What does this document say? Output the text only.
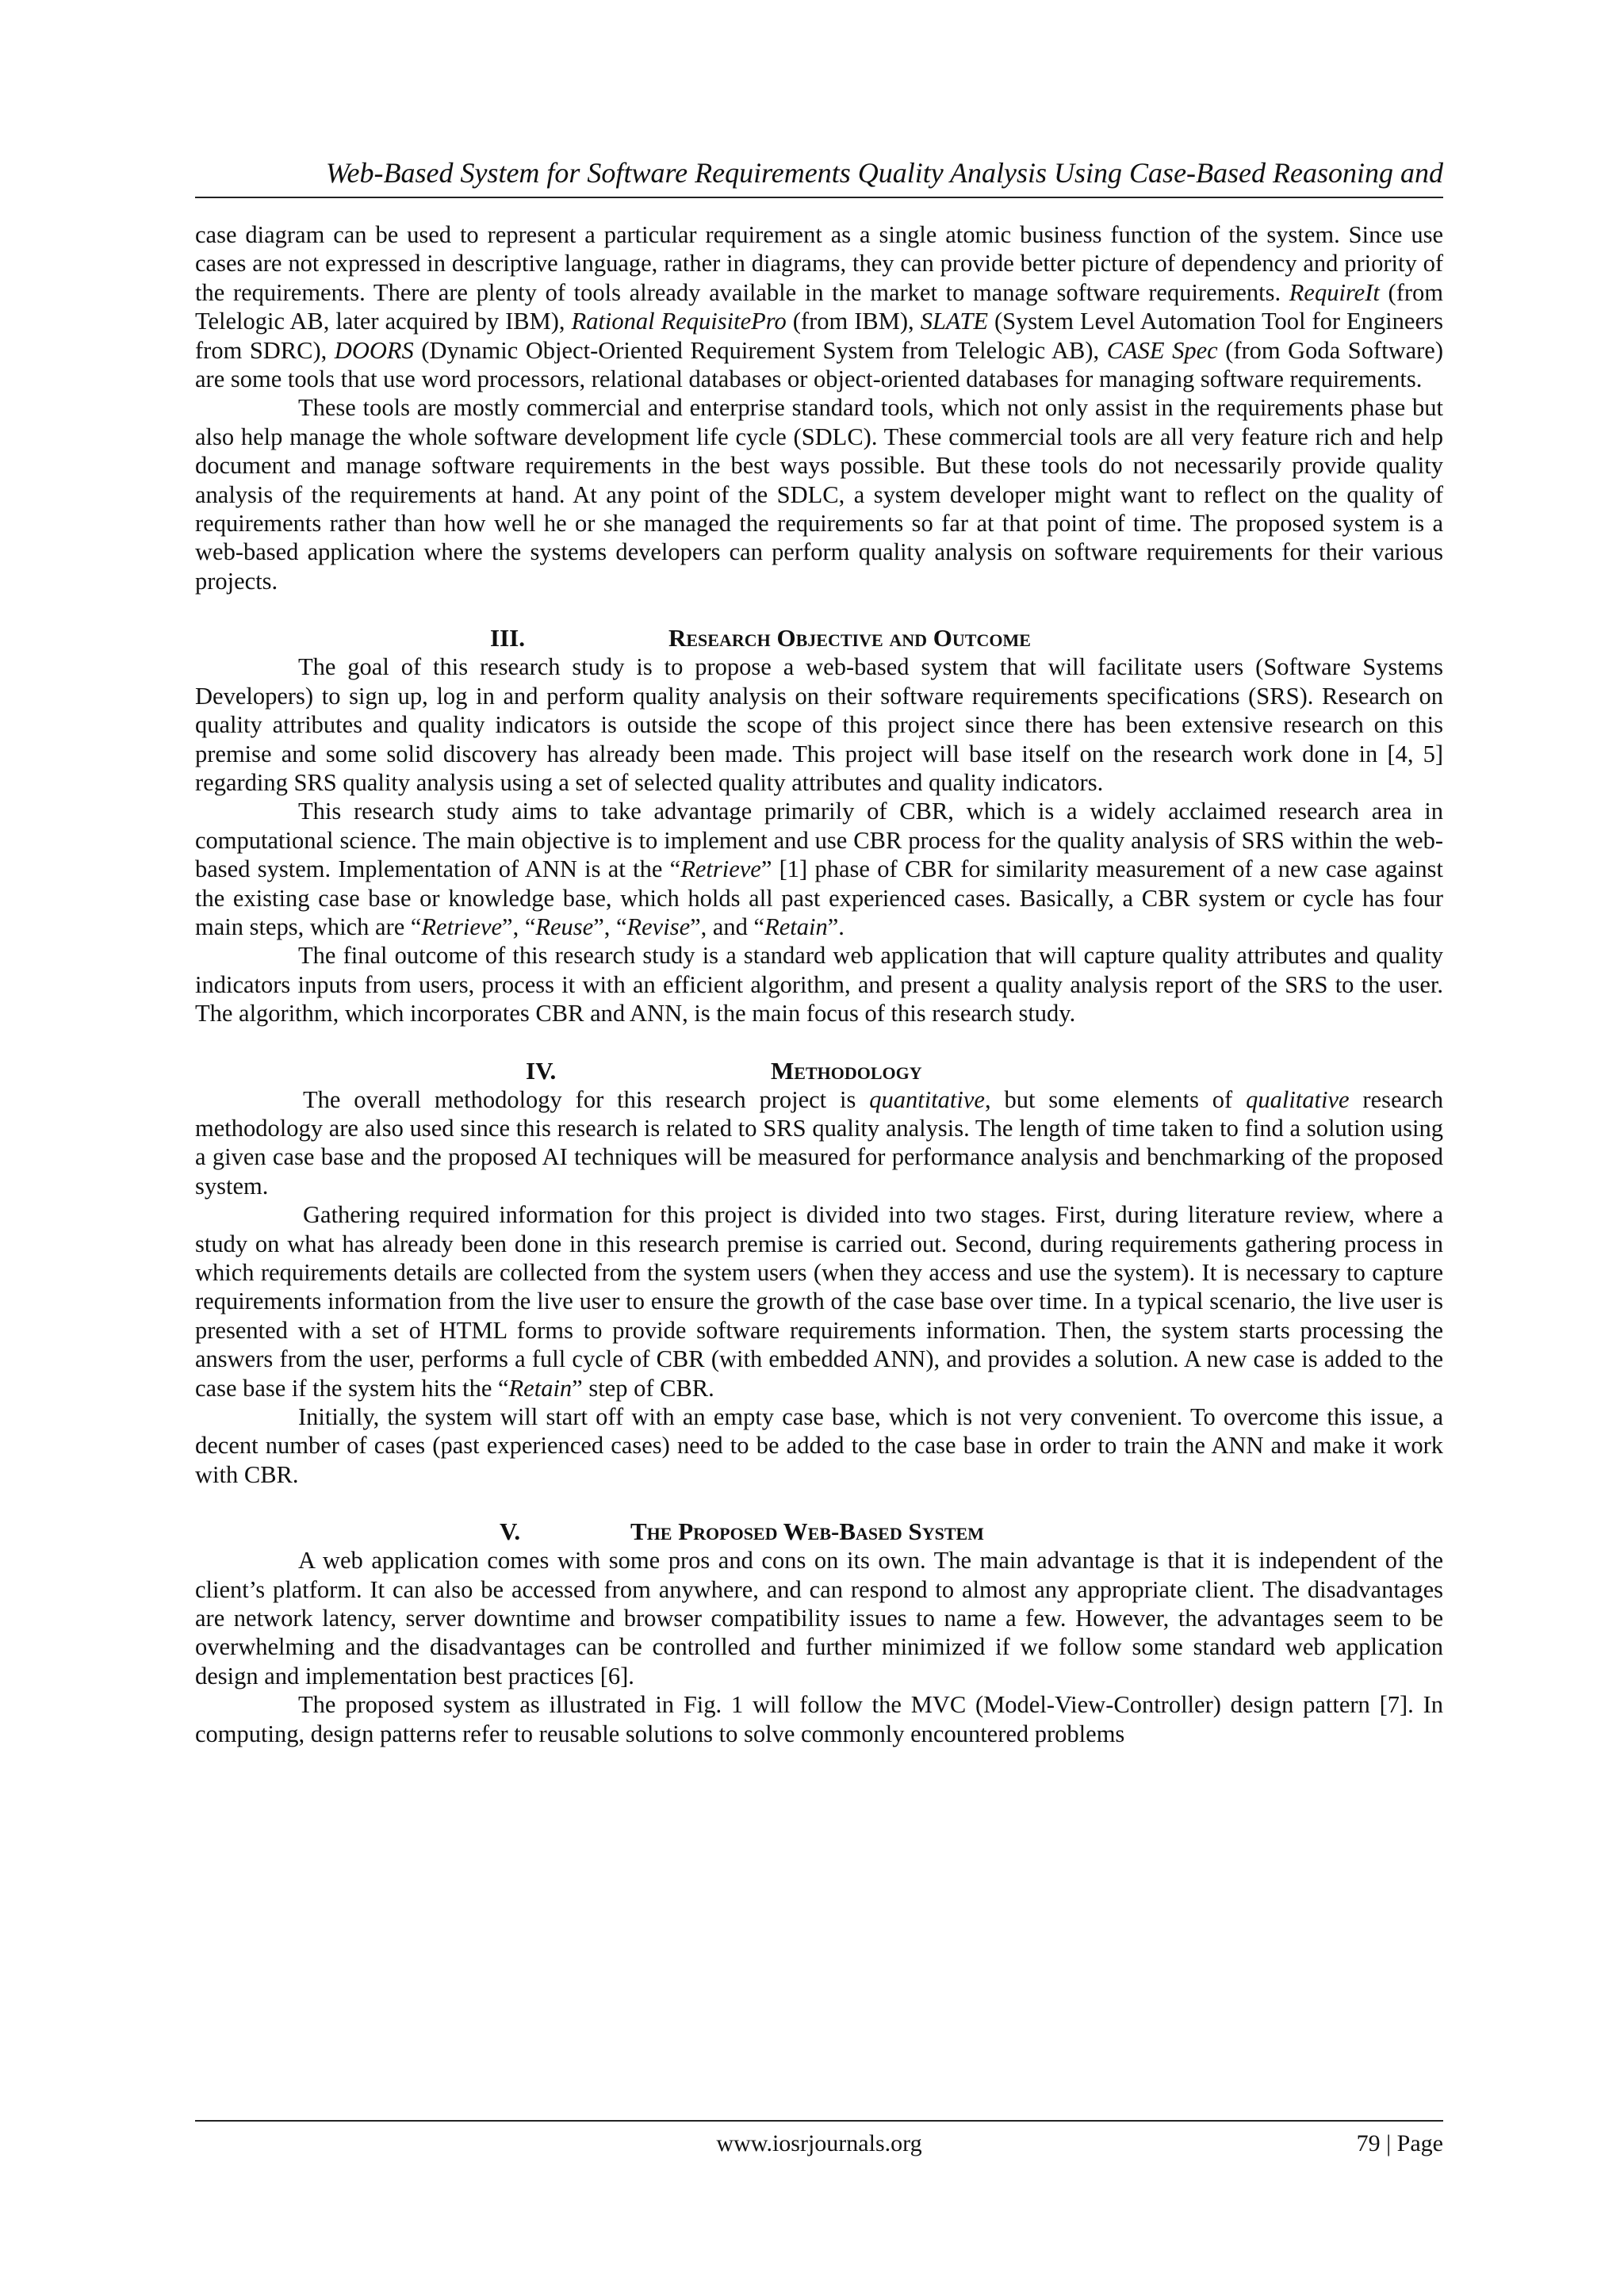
Web-Based System for Software Requirements Quality Analysis Using Case-Based Reasoning and

case diagram can be used to represent a particular requirement as a single atomic business function of the system. Since use cases are not expressed in descriptive language, rather in diagrams, they can provide better picture of dependency and priority of the requirements. There are plenty of tools already available in the market to manage software requirements. RequireIt (from Telelogic AB, later acquired by IBM), Rational RequisitePro (from IBM), SLATE (System Level Automation Tool for Engineers from SDRC), DOORS (Dynamic Object-Oriented Requirement System from Telelogic AB), CASE Spec (from Goda Software) are some tools that use word processors, relational databases or object-oriented databases for managing software requirements.

These tools are mostly commercial and enterprise standard tools, which not only assist in the requirements phase but also help manage the whole software development life cycle (SDLC). These commercial tools are all very feature rich and help document and manage software requirements in the best ways possible. But these tools do not necessarily provide quality analysis of the requirements at hand. At any point of the SDLC, a system developer might want to reflect on the quality of requirements rather than how well he or she managed the requirements so far at that point of time. The proposed system is a web-based application where the systems developers can perform quality analysis on software requirements for their various projects.

III.	Research Objective and Outcome

The goal of this research study is to propose a web-based system that will facilitate users (Software Systems Developers) to sign up, log in and perform quality analysis on their software requirements specifications (SRS). Research on quality attributes and quality indicators is outside the scope of this project since there has been extensive research on this premise and some solid discovery has already been made. This project will base itself on the research work done in [4, 5] regarding SRS quality analysis using a set of selected quality attributes and quality indicators.

This research study aims to take advantage primarily of CBR, which is a widely acclaimed research area in computational science. The main objective is to implement and use CBR process for the quality analysis of SRS within the web-based system. Implementation of ANN is at the “Retrieve” [1] phase of CBR for similarity measurement of a new case against the existing case base or knowledge base, which holds all past experienced cases. Basically, a CBR system or cycle has four main steps, which are “Retrieve”, “Reuse”, “Revise”, and “Retain”.

The final outcome of this research study is a standard web application that will capture quality attributes and quality indicators inputs from users, process it with an efficient algorithm, and present a quality analysis report of the SRS to the user. The algorithm, which incorporates CBR and ANN, is the main focus of this research study.

IV.	Methodology

The overall methodology for this research project is quantitative, but some elements of qualitative research methodology are also used since this research is related to SRS quality analysis. The length of time taken to find a solution using a given case base and the proposed AI techniques will be measured for performance analysis and benchmarking of the proposed system.

Gathering required information for this project is divided into two stages. First, during literature review, where a study on what has already been done in this research premise is carried out. Second, during requirements gathering process in which requirements details are collected from the system users (when they access and use the system). It is necessary to capture requirements information from the live user to ensure the growth of the case base over time. In a typical scenario, the live user is presented with a set of HTML forms to provide software requirements information. Then, the system starts processing the answers from the user, performs a full cycle of CBR (with embedded ANN), and provides a solution. A new case is added to the case base if the system hits the “Retain” step of CBR.

Initially, the system will start off with an empty case base, which is not very convenient. To overcome this issue, a decent number of cases (past experienced cases) need to be added to the case base in order to train the ANN and make it work with CBR.

V.	The Proposed Web-Based System

A web application comes with some pros and cons on its own. The main advantage is that it is independent of the client’s platform. It can also be accessed from anywhere, and can respond to almost any appropriate client. The disadvantages are network latency, server downtime and browser compatibility issues to name a few. However, the advantages seem to be overwhelming and the disadvantages can be controlled and further minimized if we follow some standard web application design and implementation best practices [6].

The proposed system as illustrated in Fig. 1 will follow the MVC (Model-View-Controller) design pattern [7]. In computing, design patterns refer to reusable solutions to solve commonly encountered problems

www.iosrjournals.org	79 | Page
